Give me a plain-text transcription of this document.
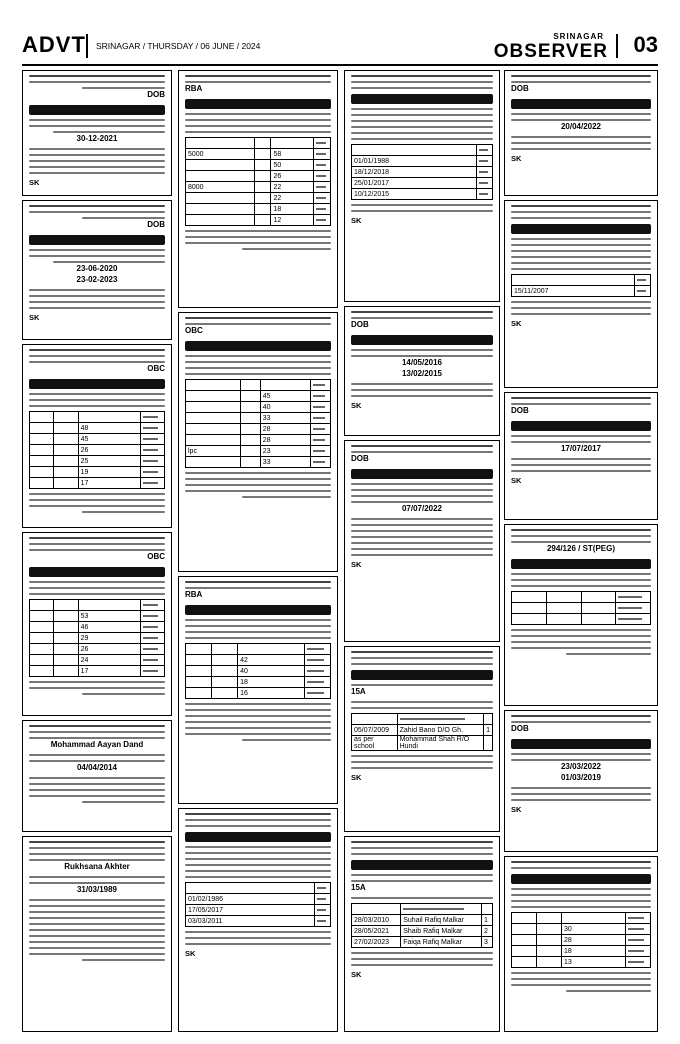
ADVT SRINAGAR / THURSDAY / 06 JUNE / 2024
SRINAGAR
OBSERVER 03
DOB
30-12-2021
SK
DOB
23-06-2020
23-02-2023
SK
OBC

		48	
		45	
		26	
		25	
		19	
		17	
OBC

		53	
		46	
		29	
		26	
		24	
		17	
Mohammad Aayan Dand
04/04/2014
Rukhsana Akhter
31/03/1989
RBA

5000		58	
		50	
		26	
8000		22	
		22	
		18	
		12	
OBC

		45	
		40	
		33	
		28	
		28	
lpc		23	
		33	
RBA

		42	
		40	
		18	
		16	

01/02/1986	
17/05/2017	
03/03/2011	
SK

01/01/1988	
18/12/2018	
25/01/2017	
10/12/2015	
SK
DOB
14/05/2016
13/02/2015
SK
DOB
07/07/2022
SK
15A

05/07/2009	Zahid Bano D/O Gh.	1
as per school	Mohammad Shah R/O Hundi	
SK
15A

28/03/2010	Suhail Rafiq Malkar	1
28/05/2021	Shaib Rafiq Malkar	2
27/02/2023	Faiqa Rafiq Malkar	3
SK
DOB
20/04/2022
SK

15/11/2007	
SK
DOB
17/07/2017
SK
294/126 / ST(PEG)

DOB
23/03/2022
01/03/2019
SK

		30	
		28	
		18	
		13	
